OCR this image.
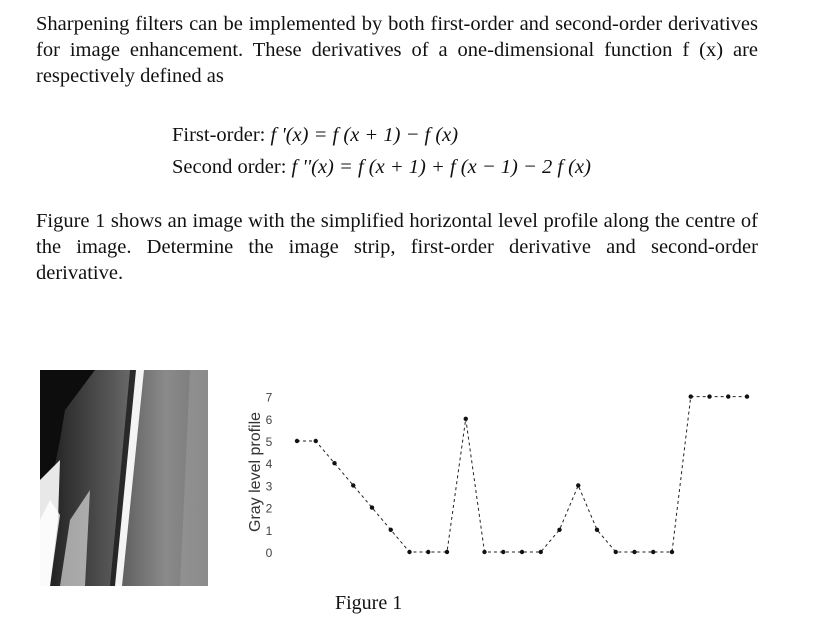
Sharpening filters can be implemented by both first-order and second-order derivatives for image enhancement. These derivatives of a one-dimensional function f (x) are respectively defined as

First-order: f '(x) = f (x + 1) − f (x)
Second order: f ''(x) = f (x + 1) + f (x − 1) − 2 f (x)

Figure 1 shows an image with the simplified horizontal level profile along the centre of the image. Determine the image strip, first-order derivative and second-order derivative.

Gray level profile
0
1
2
3
4
5
6
7
Figure 1
